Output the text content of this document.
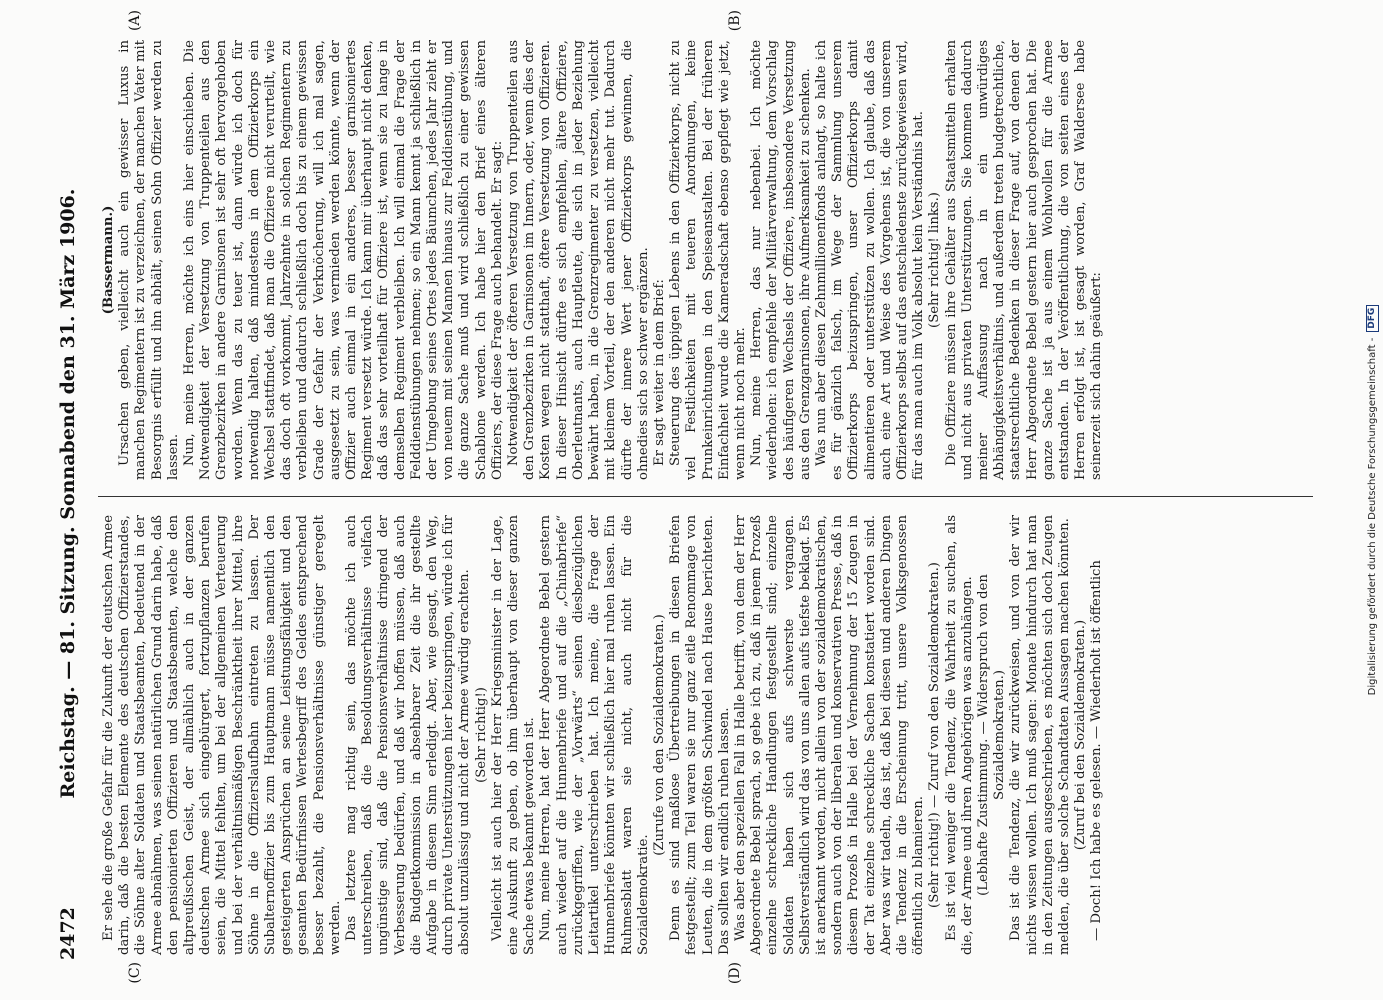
2472
Reichstag. — 81. Sitzung. Sonnabend den 31. März 1906.
(A)	(B)
(C)	(D)

(Bassermann.) Ursachen geben, vielleicht auch ein gewisser Luxus in manchen Regimentern ist zu verzeichnen, der manchen Vater mit Besorgnis erfüllt und ihn abhält, seinen Sohn Offizier werden zu lassen. Nun, meine Herren, möchte ich eins hier einschieben. Die Notwendigkeit der Versetzung von Truppenteilen aus den Grenzbezirken in andere Garnisonen ist sehr oft hervorgehoben worden. Wenn das zu teuer ist, dann würde ich doch für notwendig halten, daß mindestens in dem Offizierkorps ein Wechsel stattfindet, daß man die Offiziere nicht verurteilt, wie das doch oft vorkommt, Jahrzehnte in solchen Regimentern zu verbleiben und dadurch schließlich doch bis zu einem gewissen Grade der Gefahr der Verknöcherung, will ich mal sagen, ausgesetzt zu sein, was vermieden werden könnte, wenn der Offizier auch einmal in ein anderes, besser garnisoniertes Regiment versetzt würde. Ich kann mir überhaupt nicht denken, daß das sehr vorteilhaft für Offiziere ist, wenn sie zu lange in demselben Regiment verbleiben. Ich will einmal die Frage der Felddienstübungen nehmen; so ein Mann kennt ja schließlich in der Umgebung seines Ortes jedes Bäumchen, jedes Jahr zieht er von neuem mit seinen Mannen hinaus zur Felddienstübung, und die ganze Sache muß und wird schließlich zu einer gewissen Schablone werden. Ich habe hier den Brief eines älteren Offiziers, der diese Frage auch behandelt. Er sagt: Notwendigkeit der öfteren Versetzung von Truppenteilen aus den Grenzbezirken in Garnisonen im Innern, oder, wenn dies der Kosten wegen nicht statthaft, öftere Versetzung von Offizieren. In dieser Hinsicht dürfte es sich empfehlen, ältere Offiziere, Oberleutnants, auch Hauptleute, die sich in jeder Beziehung bewährt haben, in die Grenzregimenter zu versetzen, vielleicht mit kleinem Vorteil, der den anderen nicht mehr tut. Dadurch dürfte der innere Wert jener Offizierkorps gewinnen, die ohnedies sich so schwer ergänzen. Er sagt weiter in dem Brief: Steuerung des üppigen Lebens in den Offizierkorps, nicht zu viel Festlichkeiten mit teueren Anordnungen, keine Prunkeinrichtungen in den Speiseanstalten. Bei der früheren Einfachheit wurde die Kameradschaft ebenso gepflegt wie jetzt, wenn nicht noch mehr. Nun, meine Herren, das nur nebenbei. Ich möchte wiederholen: ich empfehle der Militärverwaltung, dem Vorschlag des häufigeren Wechsels der Offiziere, insbesondere Versetzung aus den Grenzgarnisonen, ihre Aufmerksamkeit zu schenken. Was nun aber diesen Zehnmillionenfonds anlangt, so halte ich es für gänzlich falsch, im Wege der Sammlung unserem Offizierkorps beizuspringen, unser Offizierkorps damit alimentieren oder unterstützen zu wollen. Ich glaube, daß das auch eine Art und Weise des Vorgehens ist, die von unserem Offizierkorps selbst auf das entschiedenste zurückgewiesen wird, für das man auch im Volk absolut kein Verständnis hat. (Sehr richtig! links.) Die Offiziere müssen ihre Gehälter aus Staatsmitteln erhalten und nicht aus privaten Unterstützungen. Sie kommen dadurch meiner Auffassung nach in ein unwürdiges Abhängigkeitsverhältnis, und außerdem treten budgetrechtliche, staatsrechtliche Bedenken in dieser Frage auf, von denen der Herr Abgeordnete Bebel gestern hier auch gesprochen hat. Die ganze Sache ist ja aus einem Wohlwollen für die Armee entstanden. In der Veröffentlichung, die von seiten eines der Herren erfolgt ist, ist gesagt worden, Graf Waldersee habe seinerzeit sich dahin geäußert:

Er sehe die große Gefahr für die Zukunft der deutschen Armee darin, daß die besten Elemente des deutschen Offizierstandes, die Söhne alter Soldaten und Staatsbeamten, bedeutend in der Armee abnähmen, was seinen natürlichen Grund darin habe, daß den pensionierten Offizieren und Staatsbeamten, welche den altpreußischen Geist, der allmählich auch in der ganzen deutschen Armee sich eingebürgert, fortzupflanzen berufen seien, die Mittel fehlten, um bei der allgemeinen Verteuerung und bei der verhältnismäßigen Beschränktheit ihrer Mittel, ihre Söhne in die Offizierslaufbahn eintreten zu lassen. Der Subalternoffizier bis zum Hauptmann müsse namentlich den gesteigerten Ansprüchen an seine Leistungsfähigkeit und den gesamten Bedürfnissen Wertesbegriff des Geldes entsprechend besser bezahlt, die Pensionsverhältnisse günstiger geregelt werden. Das letztere mag richtig sein, das möchte ich auch unterschreiben, daß die Besoldungsverhältnisse vielfach ungünstige sind, daß die Pensionsverhältnisse dringend der Verbesserung bedürfen, und daß wir hoffen müssen, daß auch die Budgetkommission in absehbarer Zeit die ihr gestellte Aufgabe in diesem Sinn erledigt. Aber, wie gesagt, den Weg, durch private Unterstützungen hier beizuspringen, würde ich für absolut unzulässig und nicht der Armee würdig erachten. (Sehr richtig!) Vielleicht ist auch hier der Herr Kriegsminister in der Lage, eine Auskunft zu geben, ob ihm überhaupt von dieser ganzen Sache etwas bekannt geworden ist. Nun, meine Herren, hat der Herr Abgeordnete Bebel gestern auch wieder auf die Hunnenbriefe und auf die „Chinabriefe“ zurückgegriffen, wie der „Vorwärts“ seinen diesbezüglichen Leitartikel unterschrieben hat. Ich meine, die Frage der Hunnenbriefe könnten wir schließlich hier mal ruhen lassen. Ein Ruhmesblatt waren sie nicht, auch nicht für die Sozialdemokratie.

(Zurufe von den Sozialdemokraten.) Denn es sind maßlose Übertreibungen in diesen Briefen festgestellt; zum Teil waren sie nur ganz eitle Renommage von Leuten, die in dem größten Schwindel nach Hause berichteten. Das sollten wir endlich ruhen lassen. Was aber den speziellen Fall in Halle betrifft, von dem der Herr Abgeordnete Bebel sprach, so gebe ich zu, daß in jenem Prozeß einzelne schreckliche Handlungen festgestellt sind; einzelne Soldaten haben sich aufs schwerste vergangen. Selbstverständlich wird das von uns allen aufs tiefste beklagt. Es ist anerkannt worden, nicht allein von der sozialdemokratischen, sondern auch von der liberalen und konservativen Presse, daß in diesem Prozeß in Halle bei der Vernehmung der 15 Zeugen in der Tat einzelne schreckliche Sachen konstatiert worden sind. Aber was wir tadeln, das ist, daß bei diesen und anderen Dingen die Tendenz in die Erscheinung tritt, unsere Volksgenossen öffentlich zu blamieren. (Sehr richtig!) — Zuruf von den Sozialdemokraten.) Es ist viel weniger die Tendenz, die Wahrheit zu suchen, als die, der Armee und ihren Angehörigen was anzuhängen. (Lebhafte Zustimmung. — Widerspruch von den Sozialdemokraten.) Das ist die Tendenz, die wir zurückweisen, und von der wir nichts wissen wollen. Ich muß sagen: Monate hindurch hat man in den Zeitungen ausgeschrieben, es möchten sich doch Zeugen melden, die über solche Schandtaten Aussagen machen könnten. (Zuruf bei den Sozialdemokraten.) — Doch! Ich habe es gelesen. — Wiederholt ist öffentlich

Digitalisierung gefördert durch die Deutsche Forschungsgemeinschaft -
DFG
